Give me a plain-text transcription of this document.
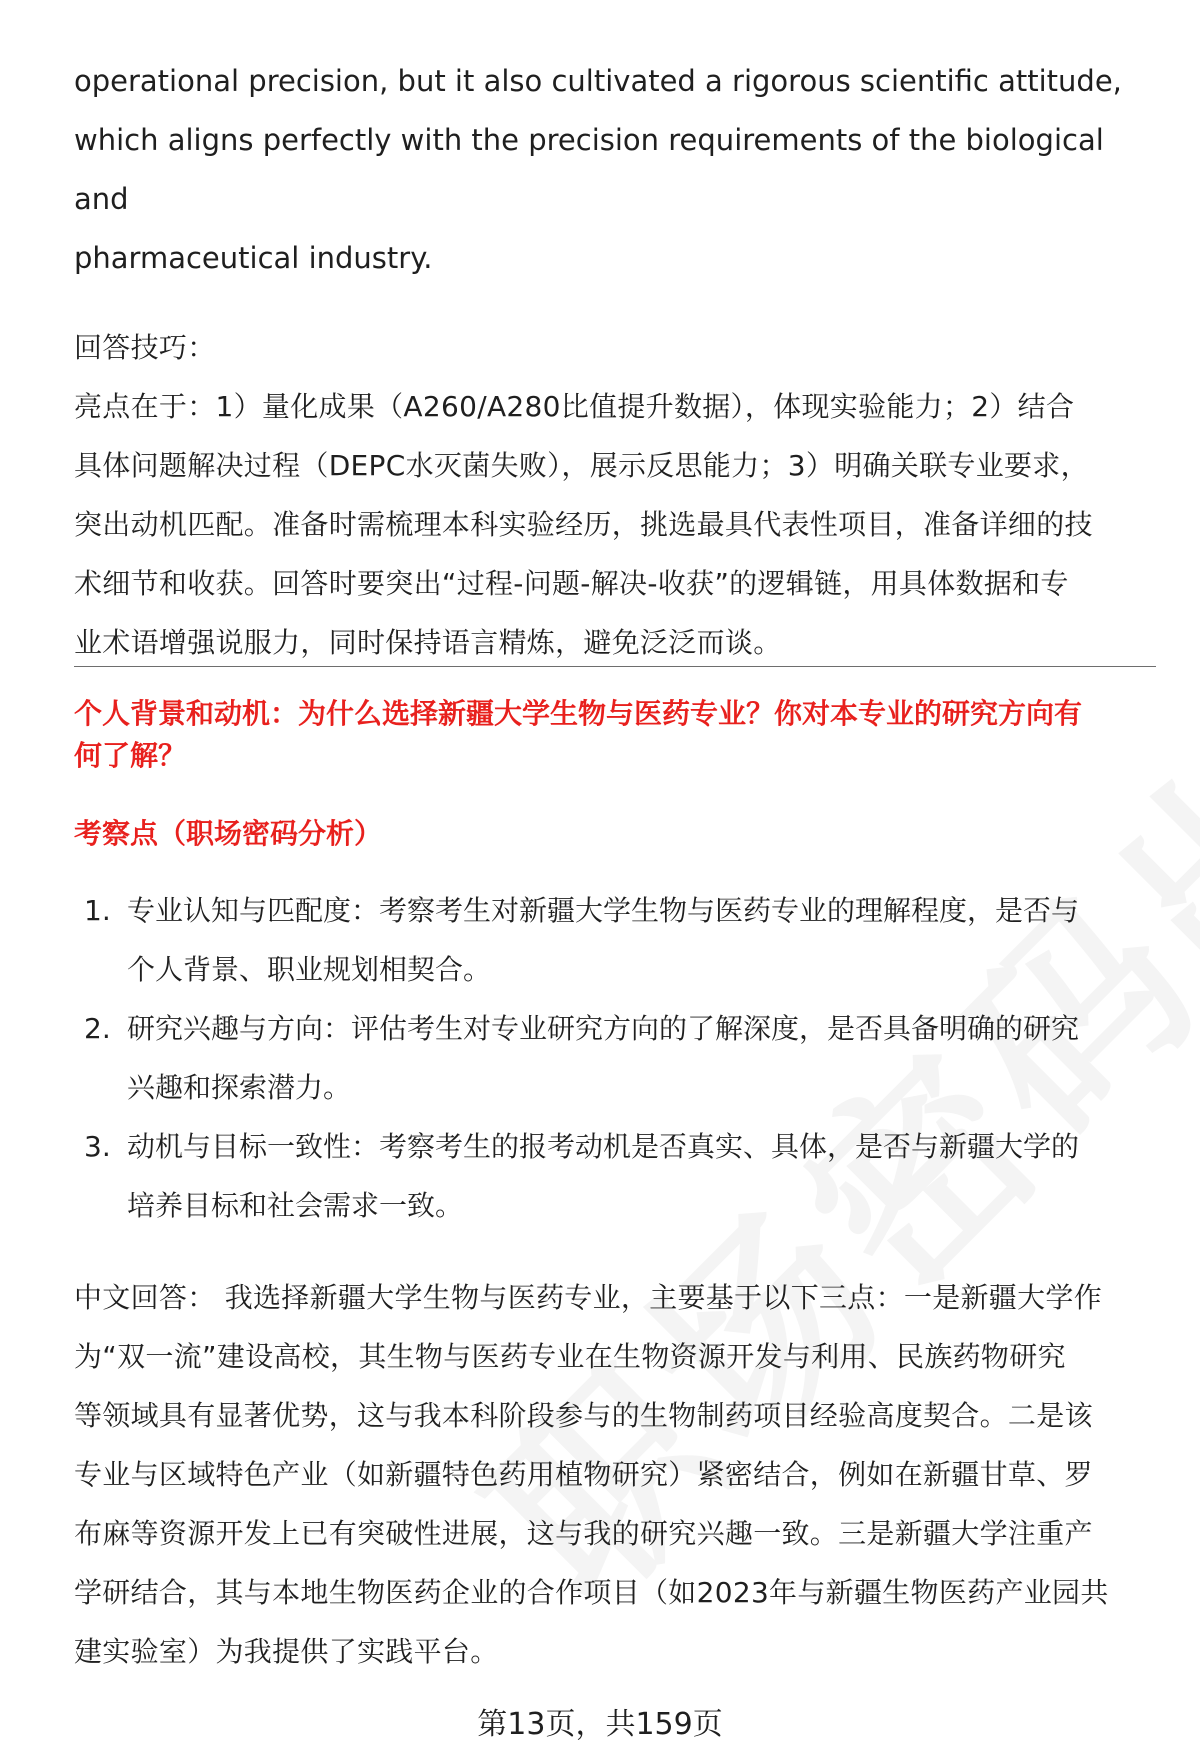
operational precision, but it also cultivated a rigorous scientific attitude,

which aligns perfectly with the precision requirements of the biological and

pharmaceutical industry.

回答技巧：

亮点在于：1）量化成果（A260/A280比值提升数据），体现实验能力；2）结合

具体问题解决过程（DEPC水灭菌失败），展示反思能力；3）明确关联专业要求，

突出动机匹配。准备时需梳理本科实验经历，挑选最具代表性项目，准备详细的技

术细节和收获。回答时要突出“过程-问题-解决-收获”的逻辑链，用具体数据和专

业术语增强说服力，同时保持语言精炼，避免泛泛而谈。

个人背景和动机：为什么选择新疆大学生物与医药专业？你对本专业的研究方向有
何了解？
考察点（职场密码分析）
1. 专业认知与匹配度：考察考生对新疆大学生物与医药专业的理解程度，是否与
个人背景、职业规划相契合。
2. 研究兴趣与方向：评估考生对专业研究方向的了解深度，是否具备明确的研究
兴趣和探索潜力。
3. 动机与目标一致性：考察考生的报考动机是否真实、具体，是否与新疆大学的
培养目标和社会需求一致。

中文回答： 我选择新疆大学生物与医药专业，主要基于以下三点：一是新疆大学作

为“双一流”建设高校，其生物与医药专业在生物资源开发与利用、民族药物研究

等领域具有显著优势，这与我本科阶段参与的生物制药项目经验高度契合。二是该

专业与区域特色产业（如新疆特色药用植物研究）紧密结合，例如在新疆甘草、罗

布麻等资源开发上已有突破性进展，这与我的研究兴趣一致。三是新疆大学注重产

学研结合，其与本地生物医药企业的合作项目（如2023年与新疆生物医药产业园共

建实验室）为我提供了实践平台。

第13页，共159页
